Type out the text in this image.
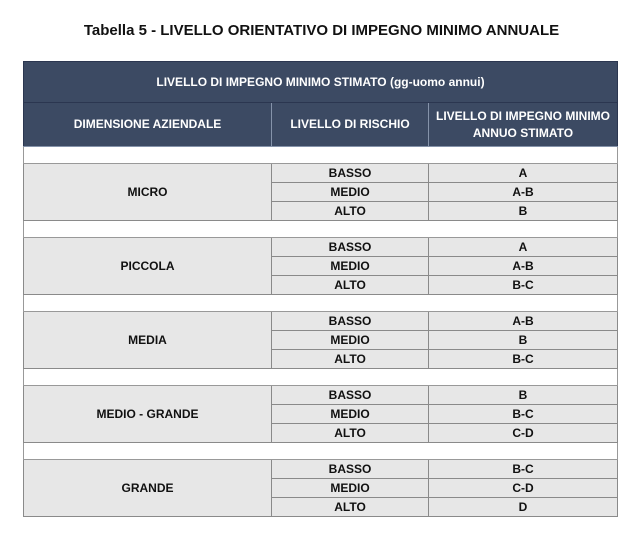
Tabella 5 - LIVELLO ORIENTATIVO DI IMPEGNO MINIMO ANNUALE
LIVELLO DI IMPEGNO MINIMO STIMATO (gg-uomo annui)		
DIMENSIONE AZIENDALE	LIVELLO DI RISCHIO	LIVELLO DI IMPEGNO MINIMO ANNUO STIMATO

MICRO	BASSO	A
	MEDIO	A-B
	ALTO	B

PICCOLA	BASSO	A
	MEDIO	A-B
	ALTO	B-C

MEDIA	BASSO	A-B
	MEDIO	B
	ALTO	B-C

MEDIO - GRANDE	BASSO	B
	MEDIO	B-C
	ALTO	C-D

GRANDE	BASSO	B-C
	MEDIO	C-D
	ALTO	D
